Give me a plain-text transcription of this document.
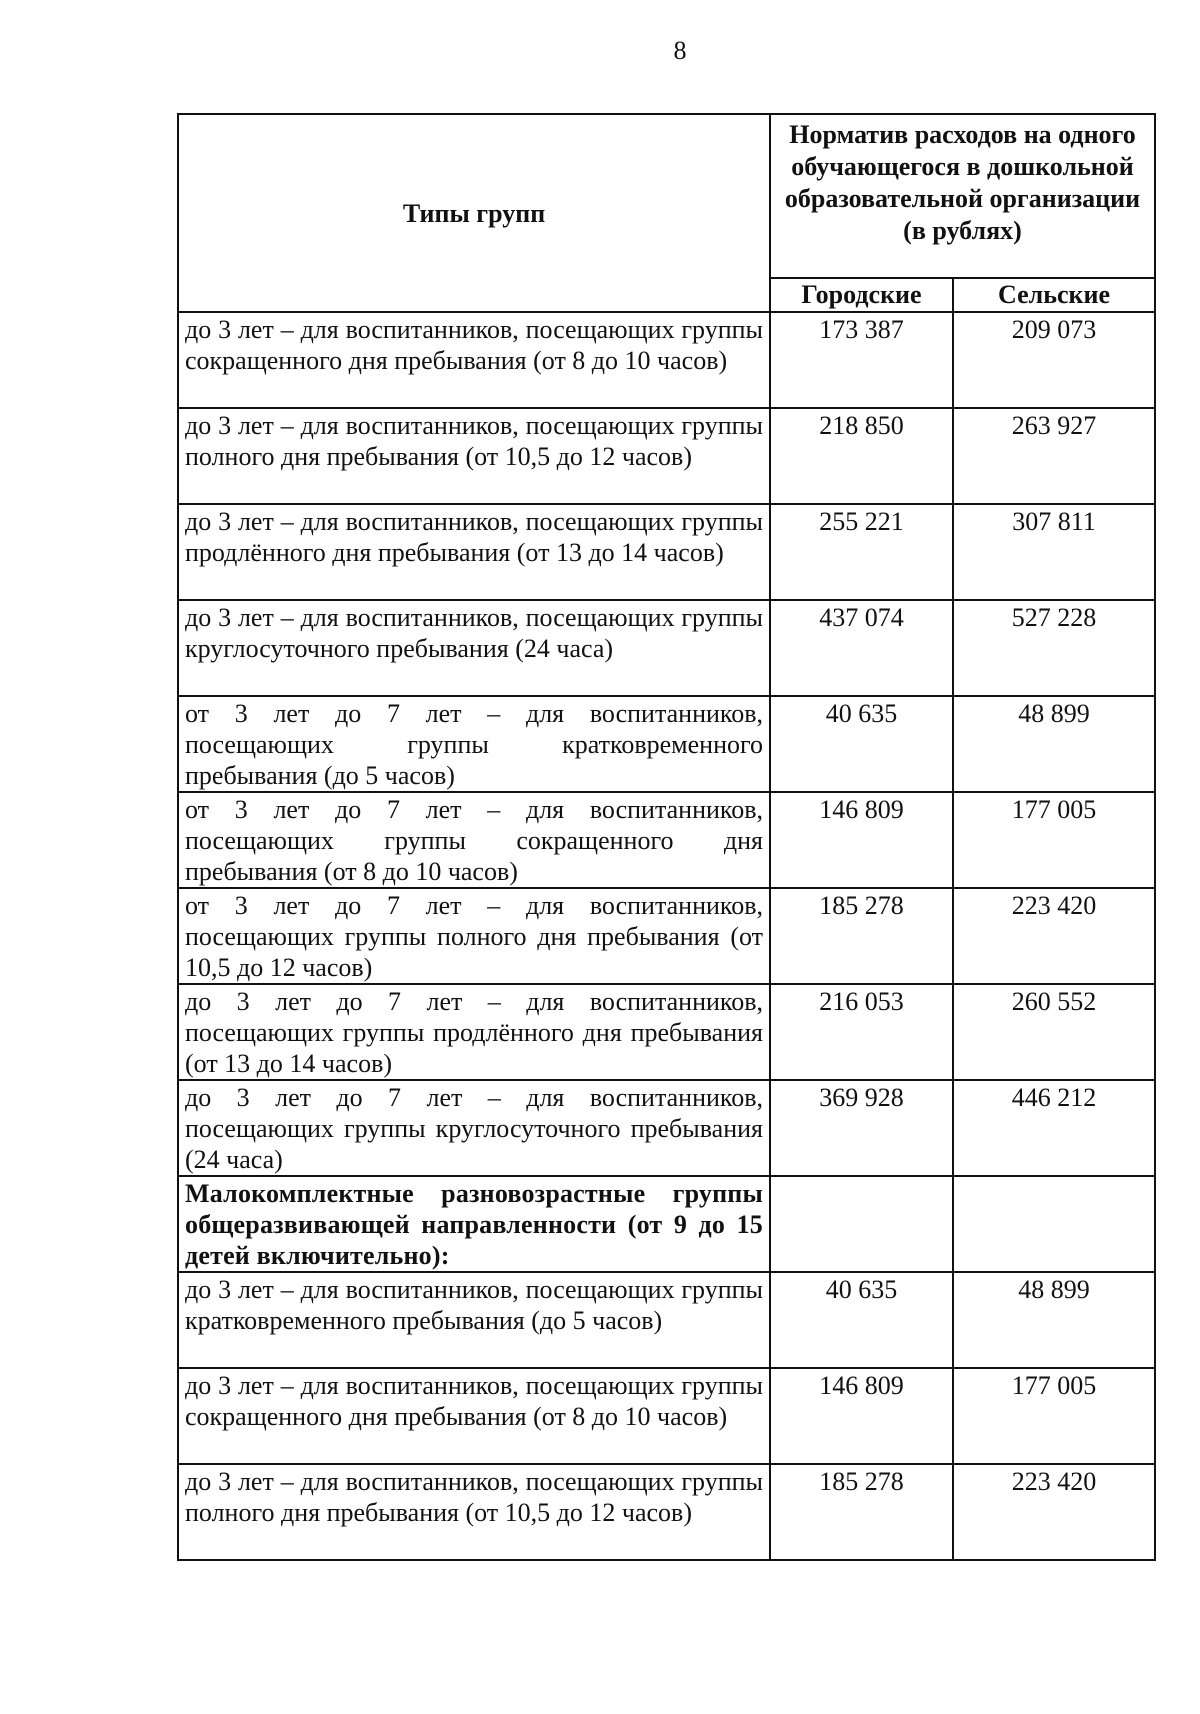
8
Типы групп	Норматив расходов на одного обучающегося в дошкольной образовательной организации (в рублях)	
	Городские	Сельские
до 3 лет – для воспитанников, посещающих группы сокращенного дня пребывания (от 8 до 10 часов)	173 387	209 073
до 3 лет – для воспитанников, посещающих группы полного дня пребывания (от 10,5 до 12 часов)	218 850	263 927
до 3 лет – для воспитанников, посещающих группы продлённого дня пребывания (от 13 до 14 часов)	255 221	307 811
до 3 лет – для воспитанников, посещающих группы круглосуточного пребывания (24 часа)	437 074	527 228
от 3 лет до 7 лет – для воспитанников, посещающих группы кратковременного пребывания (до 5 часов)	40 635	48 899
от 3 лет до 7 лет – для воспитанников, посещающих группы сокращенного дня пребывания (от 8 до 10 часов)	146 809	177 005
от 3 лет до 7 лет – для воспитанников, посещающих группы полного дня пребывания (от 10,5 до 12 часов)	185 278	223 420
до 3 лет до 7 лет – для воспитанников, посещающих группы продлённого дня пребывания (от 13 до 14 часов)	216 053	260 552
до 3 лет до 7 лет – для воспитанников, посещающих группы круглосуточного пребывания (24 часа)	369 928	446 212
Малокомплектные разновозрастные группы общеразвивающей направленности (от 9 до 15 детей включительно):		
до 3 лет – для воспитанников, посещающих группы кратковременного пребывания (до 5 часов)	40 635	48 899
до 3 лет – для воспитанников, посещающих группы сокращенного дня пребывания (от 8 до 10 часов)	146 809	177 005
до 3 лет – для воспитанников, посещающих группы полного дня пребывания (от 10,5 до 12 часов)	185 278	223 420
